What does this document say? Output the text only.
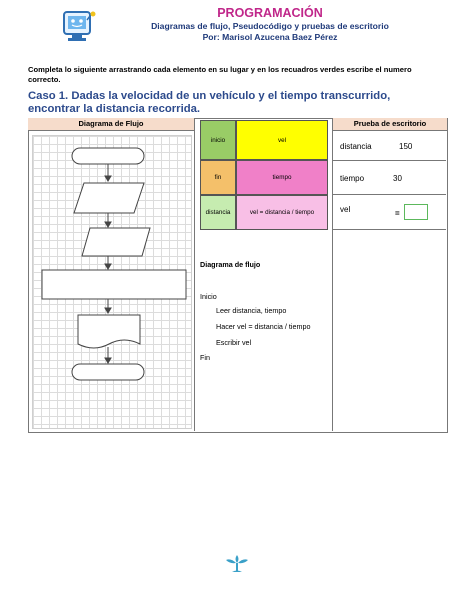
PROGRAMACIÓN
Diagramas de flujo, Pseudocódigo y pruebas de escritorio
Por: Marisol Azucena Baez Pérez
Completa lo siguiente arrastrando cada elemento en su lugar y en los recuadros verdes escribe el numero correcto.
Caso 1. Dadas la velocidad de un vehículo y el tiempo transcurrido, encontrar la distancia recorrida.
Diagrama de Flujo	Prueba de escritorio
inicio	vel
fin	tiempo
distancia	vel = distancia / tiempo
Diagrama de flujo
Inicio
Leer distancia, tiempo
Hacer vel = distancia / tiempo
Escribir vel
Fin
distancia	150
tiempo	30
vel	=
